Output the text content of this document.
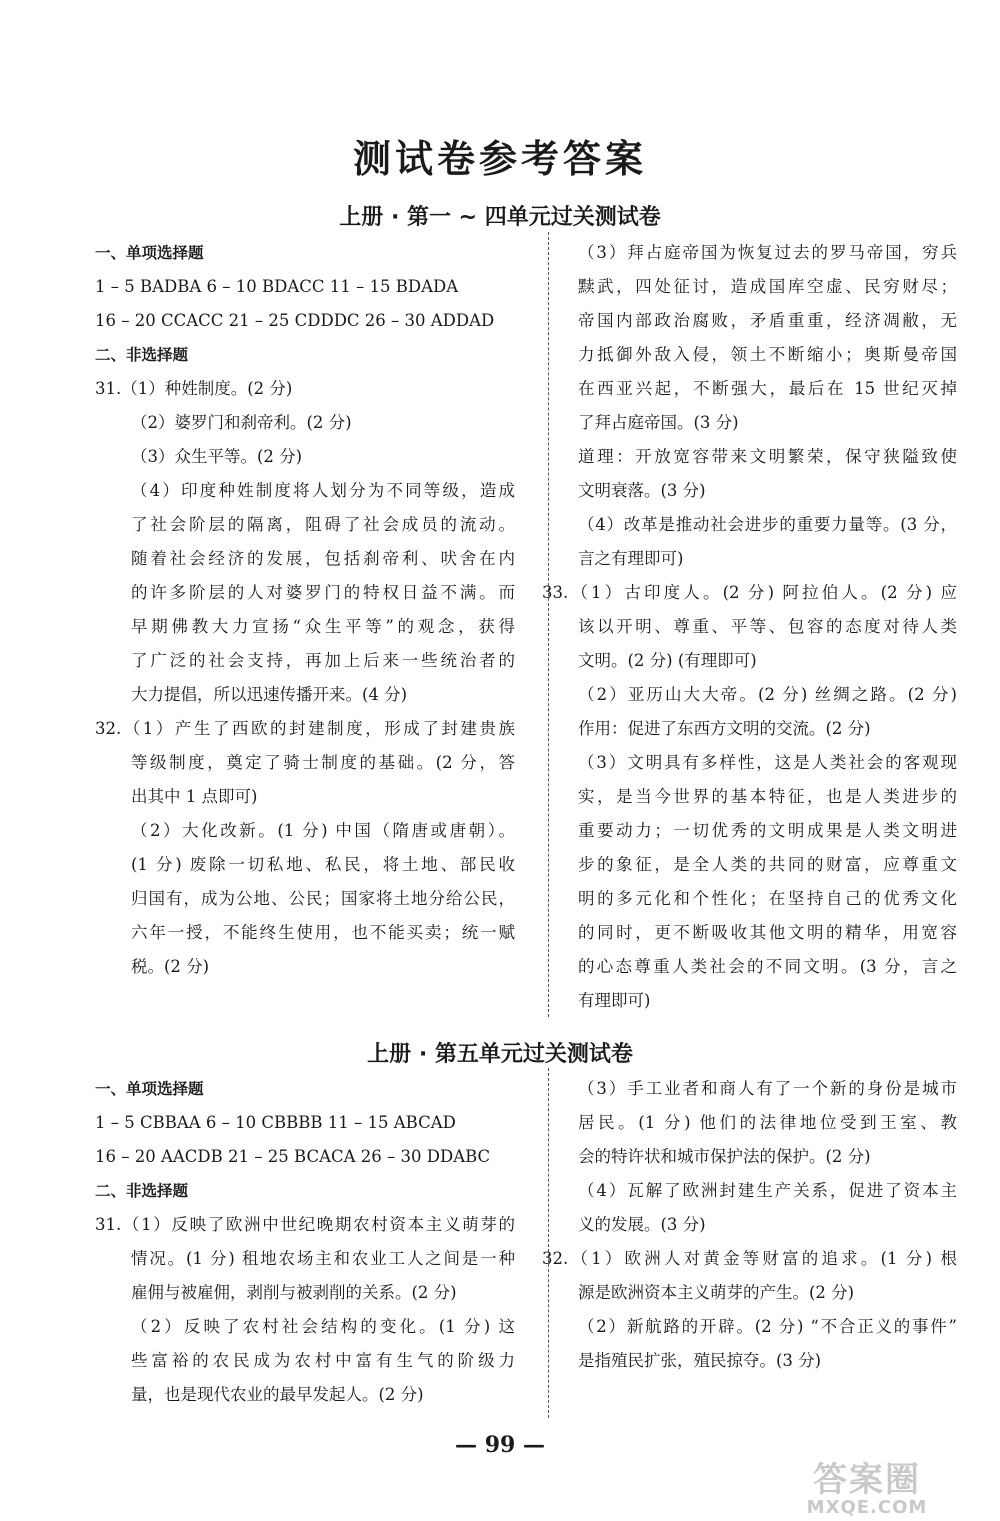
测试卷参考答案
上册 · 第一 ~ 四单元过关测试卷
一、单项选择题
1 – 5 BADBA 6 – 10 BDACC 11 – 15 BDADA
16 – 20 CCACC 21 – 25 CDDDC 26 – 30 ADDAD
二、非选择题
31.（1）种姓制度。(2 分)
（2）婆罗门和刹帝利。(2 分)
（3）众生平等。(2 分)
（4）印度种姓制度将人划分为不同等级，造成
了社会阶层的隔离，阻碍了社会成员的流动。
随着社会经济的发展，包括刹帝利、吠舍在内
的许多阶层的人对婆罗门的特权日益不满。而
早期佛教大力宣扬“众生平等”的观念，获得
了广泛的社会支持，再加上后来一些统治者的
大力提倡，所以迅速传播开来。(4 分)
32.（1）产生了西欧的封建制度，形成了封建贵族
等级制度，奠定了骑士制度的基础。(2 分，答
出其中 1 点即可)
（2）大化改新。(1 分) 中国（隋唐或唐朝）。
(1 分) 废除一切私地、私民，将土地、部民收
归国有，成为公地、公民；国家将土地分给公民，
六年一授，不能终生使用，也不能买卖；统一赋
税。(2 分)
（3）拜占庭帝国为恢复过去的罗马帝国，穷兵
黩武，四处征讨，造成国库空虚、民穷财尽；
帝国内部政治腐败，矛盾重重，经济凋敝，无
力抵御外敌入侵，领土不断缩小；奥斯曼帝国
在西亚兴起，不断强大，最后在 15 世纪灭掉
了拜占庭帝国。(3 分)
道理：开放宽容带来文明繁荣，保守狭隘致使
文明衰落。(3 分)
（4）改革是推动社会进步的重要力量等。(3 分，
言之有理即可)
33.（1）古印度人。(2 分) 阿拉伯人。(2 分) 应
该以开明、尊重、平等、包容的态度对待人类
文明。(2 分) (有理即可)
（2）亚历山大大帝。(2 分) 丝绸之路。(2 分)
作用：促进了东西方文明的交流。(2 分)
（3）文明具有多样性，这是人类社会的客观现
实，是当今世界的基本特征，也是人类进步的
重要动力；一切优秀的文明成果是人类文明进
步的象征，是全人类的共同的财富，应尊重文
明的多元化和个性化；在坚持自己的优秀文化
的同时，更不断吸收其他文明的精华，用宽容
的心态尊重人类社会的不同文明。(3 分，言之
有理即可)
上册 · 第五单元过关测试卷
一、单项选择题
1 – 5 CBBAA 6 – 10 CBBBB 11 – 15 ABCAD
16 – 20 AACDB 21 – 25 BCACA 26 – 30 DDABC
二、非选择题
31.（1）反映了欧洲中世纪晚期农村资本主义萌芽的
情况。(1 分) 租地农场主和农业工人之间是一种
雇佣与被雇佣，剥削与被剥削的关系。(2 分)
（2）反映了农村社会结构的变化。(1 分) 这
些富裕的农民成为农村中富有生气的阶级力
量，也是现代农业的最早发起人。(2 分)
（3）手工业者和商人有了一个新的身份是城市
居民。(1 分) 他们的法律地位受到王室、教
会的特许状和城市保护法的保护。(2 分)
（4）瓦解了欧洲封建生产关系，促进了资本主
义的发展。(3 分)
32.（1）欧洲人对黄金等财富的追求。(1 分) 根
源是欧洲资本主义萌芽的产生。(2 分)
（2）新航路的开辟。(2 分) “不合正义的事件”
是指殖民扩张，殖民掠夺。(3 分)
— 99 —
答案圈
MXQE.COM
